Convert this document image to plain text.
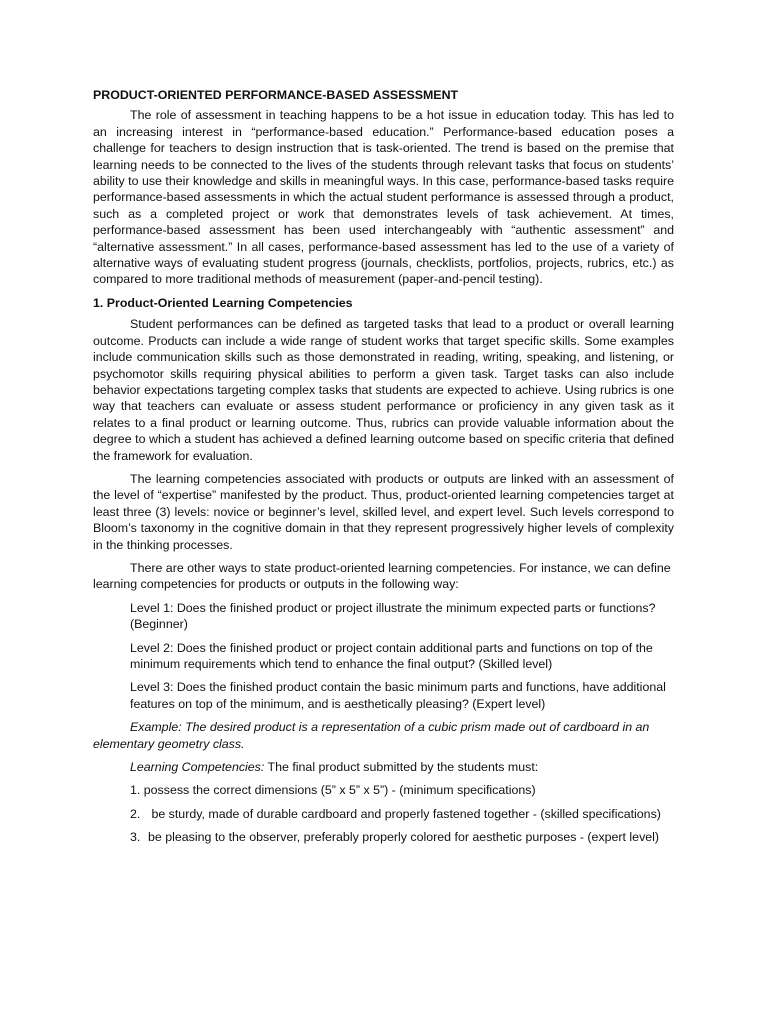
PRODUCT-ORIENTED PERFORMANCE-BASED ASSESSMENT

The role of assessment in teaching happens to be a hot issue in education today. This has led to an increasing interest in “performance-based education.” Performance-based education poses a challenge for teachers to design instruction that is task-oriented. The trend is based on the premise that learning needs to be connected to the lives of the students through relevant tasks that focus on students’ ability to use their knowledge and skills in meaningful ways. In this case, performance-based tasks require performance-based assessments in which the actual student performance is assessed through a product, such as a completed project or work that demonstrates levels of task achievement. At times, performance-based assessment has been used interchangeably with “authentic assessment” and “alternative assessment.” In all cases, performance-based assessment has led to the use of a variety of alternative ways of evaluating student progress (journals, checklists, portfolios, projects, rubrics, etc.) as compared to more traditional methods of measurement (paper-and-pencil testing).

1. Product-Oriented Learning Competencies

Student performances can be defined as targeted tasks that lead to a product or overall learning outcome. Products can include a wide range of student works that target specific skills. Some examples include communication skills such as those demonstrated in reading, writing, speaking, and listening, or psychomotor skills requiring physical abilities to perform a given task. Target tasks can also include behavior expectations targeting complex tasks that students are expected to achieve. Using rubrics is one way that teachers can evaluate or assess student performance or proficiency in any given task as it relates to a final product or learning outcome. Thus, rubrics can provide valuable information about the degree to which a student has achieved a defined learning outcome based on specific criteria that defined the framework for evaluation.

The learning competencies associated with products or outputs are linked with an assessment of the level of “expertise” manifested by the product. Thus, product-oriented learning competencies target at least three (3) levels: novice or beginner’s level, skilled level, and expert level. Such levels correspond to Bloom’s taxonomy in the cognitive domain in that they represent progressively higher levels of complexity in the thinking processes.

There are other ways to state product-oriented learning competencies. For instance, we can define learning competencies for products or outputs in the following way:

Level 1: Does the finished product or project illustrate the minimum expected parts or functions? (Beginner)

Level 2: Does the finished product or project contain additional parts and functions on top of the minimum requirements which tend to enhance the final output? (Skilled level)

Level 3: Does the finished product contain the basic minimum parts and functions, have additional features on top of the minimum, and is aesthetically pleasing? (Expert level)

Example: The desired product is a representation of a cubic prism made out of cardboard in an elementary geometry class.

Learning Competencies: The final product submitted by the students must:

1. possess the correct dimensions (5” x 5” x 5”) - (minimum specifications)

2. be sturdy, made of durable cardboard and properly fastened together - (skilled specifications)

3. be pleasing to the observer, preferably properly colored for aesthetic purposes - (expert level)
